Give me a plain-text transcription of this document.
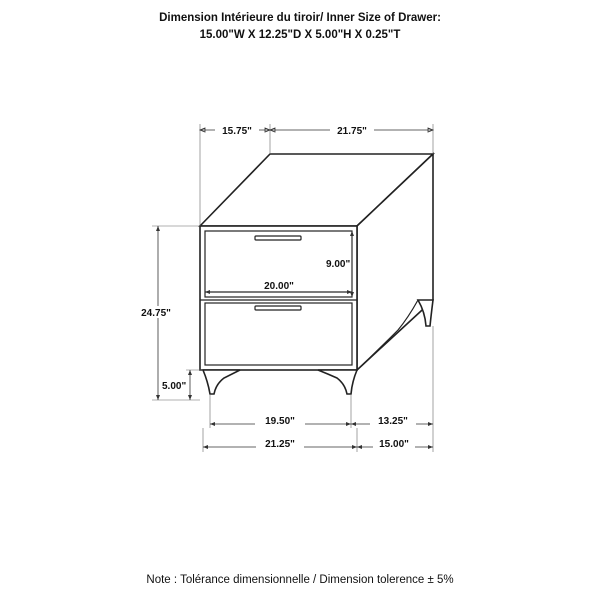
Dimension Intérieure du tiroir/ Inner Size of Drawer:
15.00"W X 12.25"D X 5.00"H X 0.25"T
15.75"	21.75"
24.75"
9.00"
20.00"
5.00"
19.50"	13.25"
21.25"	15.00"
Note : Tolérance dimensionnelle / Dimension tolerence ± 5%
